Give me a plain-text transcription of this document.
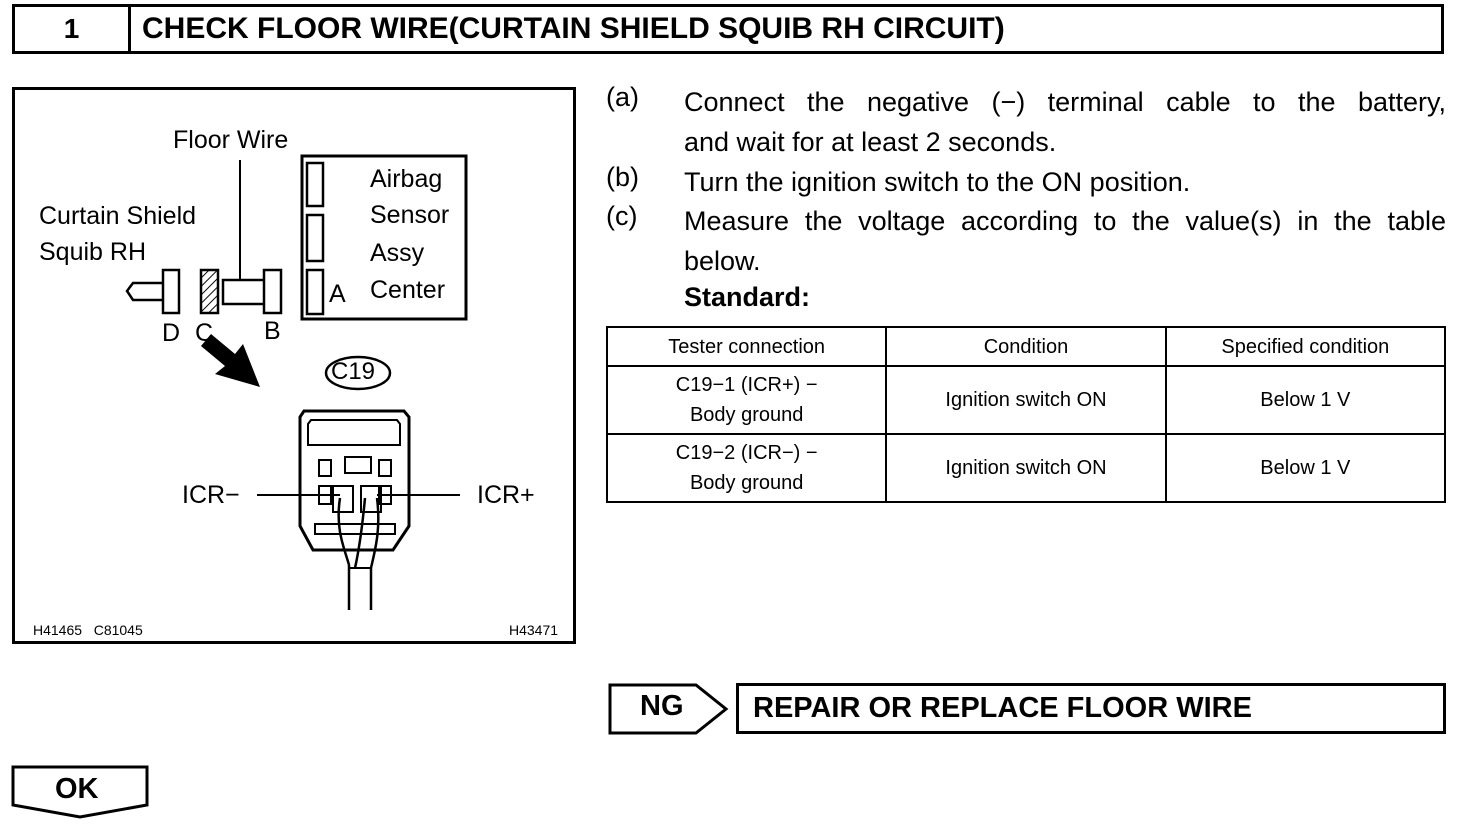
1	CHECK FLOOR WIRE(CURTAIN SHIELD SQUIB RH CIRCUIT)
Floor Wire
Curtain Shield
Squib RH
Airbag
Sensor
Assy
Center
A
B
C
D
C19
ICR−	ICR+
H41465   C81045	H43471
(a) Connect the negative (−) terminal cable to the battery,
and wait for at least 2 seconds.
(b) Turn the ignition switch to the ON position.
(c) Measure the voltage according to the value(s) in the table
below.
Standard:
Tester connection	Condition	Specified condition

C19−1 (ICR+) −
Body ground	Ignition switch ON	Below 1 V

C19−2 (ICR−) −
Body ground	Ignition switch ON	Below 1 V
NG REPAIR OR REPLACE FLOOR WIRE
OK
